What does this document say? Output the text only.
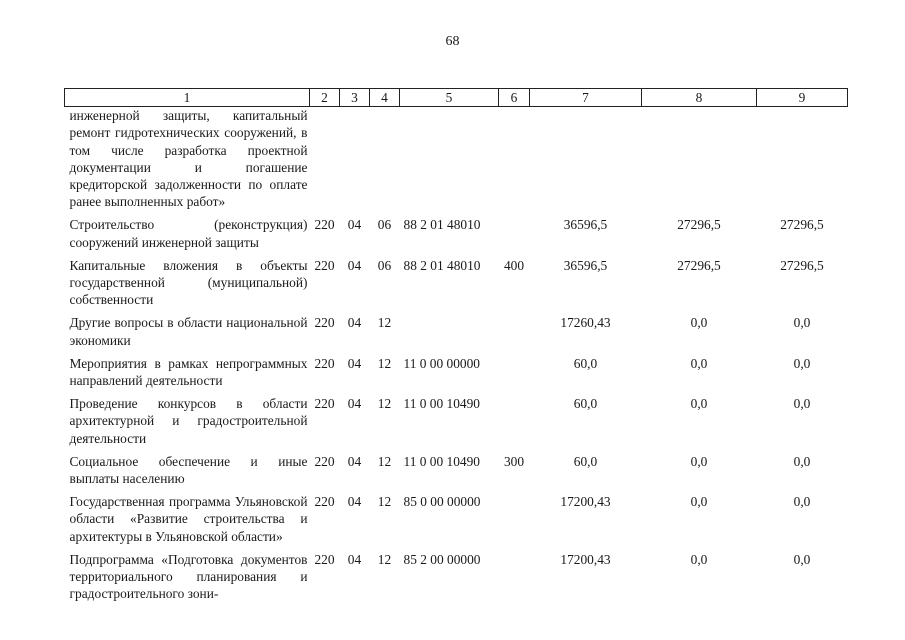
68
1	2	3	4	5	6	7	8	9
инженерной защиты, капитальный ремонт гидротехнических сооружений, в том числе разработка проектной документации и погашение кредиторской задолженности по оплате ранее выполненных работ»								
Строительство (реконструкция) сооружений инженерной защиты	220	04	06	88 2 01 48010		36596,5	27296,5	27296,5
Капитальные вложения в объекты государственной (муниципальной) собственности	220	04	06	88 2 01 48010	400	36596,5	27296,5	27296,5
Другие вопросы в области национальной экономики	220	04	12			17260,43	0,0	0,0
Мероприятия в рамках непрограммных направлений деятельности	220	04	12	11 0 00 00000		60,0	0,0	0,0
Проведение конкурсов в области архитектурной и градостроительной деятельности	220	04	12	11 0 00 10490		60,0	0,0	0,0
Социальное обеспечение и иные выплаты населению	220	04	12	11 0 00 10490	300	60,0	0,0	0,0
Государственная программа Ульяновской области «Развитие строительства и архитектуры в Ульяновской области»	220	04	12	85 0 00 00000		17200,43	0,0	0,0
Подпрограмма «Подготовка документов территориального планирования и градостроительного зони-	220	04	12	85 2 00 00000		17200,43	0,0	0,0
